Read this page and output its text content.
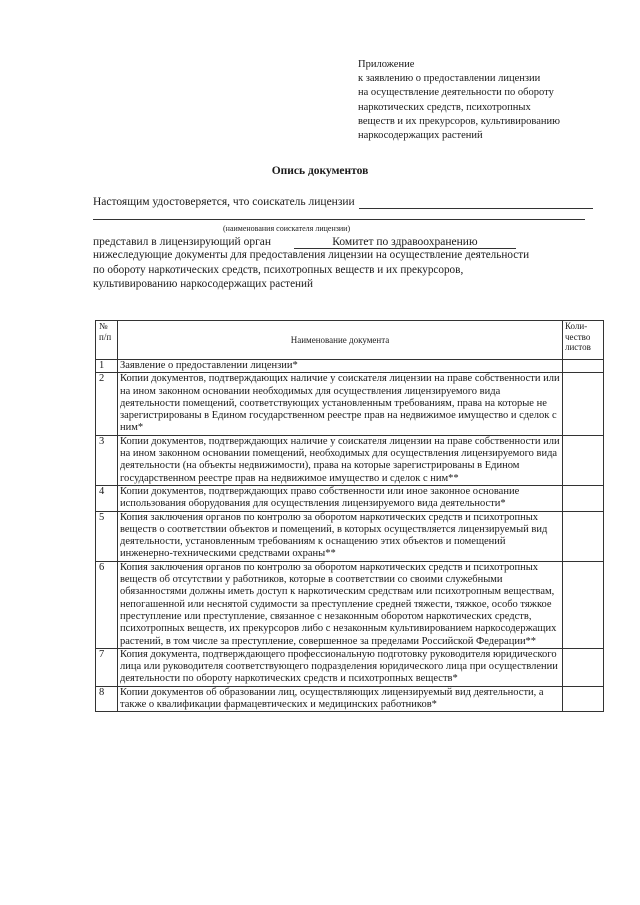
Приложение
к заявлению о предоставлении лицензии
на осуществление деятельности по обороту
наркотических средств, психотропных
веществ и их прекурсоров, культивированию
наркосодержащих растений
Опись документов
Настоящим удостоверяется, что соискатель лицензии
(наименования соискателя лицензии)
представил в лицензирующий орган	Комитет по здравоохранению
нижеследующие документы для предоставления лицензии на осуществление деятельности
по обороту наркотических средств, психотропных веществ и их прекурсоров,
культивированию наркосодержащих растений
№ п/п	Наименование документа	Коли-чество листов
1	Заявление о предоставлении лицензии*	
2	Копии документов, подтверждающих наличие у соискателя лицензии на праве собственности или на ином законном основании необходимых для осуществления лицензируемого вида деятельности помещений, соответствующих установленным требованиям, права на которые не зарегистрированы в Едином государственном реестре прав на недвижимое имущество и сделок с ним*	
3	Копии документов, подтверждающих наличие у соискателя лицензии на праве собственности или на ином законном основании помещений, необходимых для осуществления лицензируемого вида деятельности (на объекты недвижимости), права на которые зарегистрированы в Едином государственном реестре прав на недвижимое имущество и сделок с ним**	
4	Копии документов, подтверждающих право собственности или иное законное основание использования оборудования для осуществления лицензируемого вида деятельности*	
5	Копия заключения органов по контролю за оборотом наркотических средств и психотропных веществ о соответствии объектов и помещений, в которых осуществляется лицензируемый вид деятельности, установленным требованиям к оснащению этих объектов и помещений инженерно-техническими средствами охраны**	
6	Копия заключения органов по контролю за оборотом наркотических средств и психотропных веществ об отсутствии у работников, которые в соответствии со своими служебными обязанностями должны иметь доступ к наркотическим средствам или психотропным веществам, непогашенной или неснятой судимости за преступление средней тяжести, тяжкое, особо тяжкое преступление или преступление, связанное с незаконным оборотом наркотических средств, психотропных веществ, их прекурсоров либо с незаконным культивированием наркосодержащих растений, в том числе за преступление, совершенное за пределами Российской Федерации**	
7	Копия документа, подтверждающего профессиональную подготовку руководителя юридического лица или руководителя соответствующего подразделения юридического лица при осуществлении деятельности по обороту наркотических средств и психотропных веществ*	
8	Копии документов об образовании лиц, осуществляющих лицензируемый вид деятельности, а также о квалификации фармацевтических и медицинских работников*	
